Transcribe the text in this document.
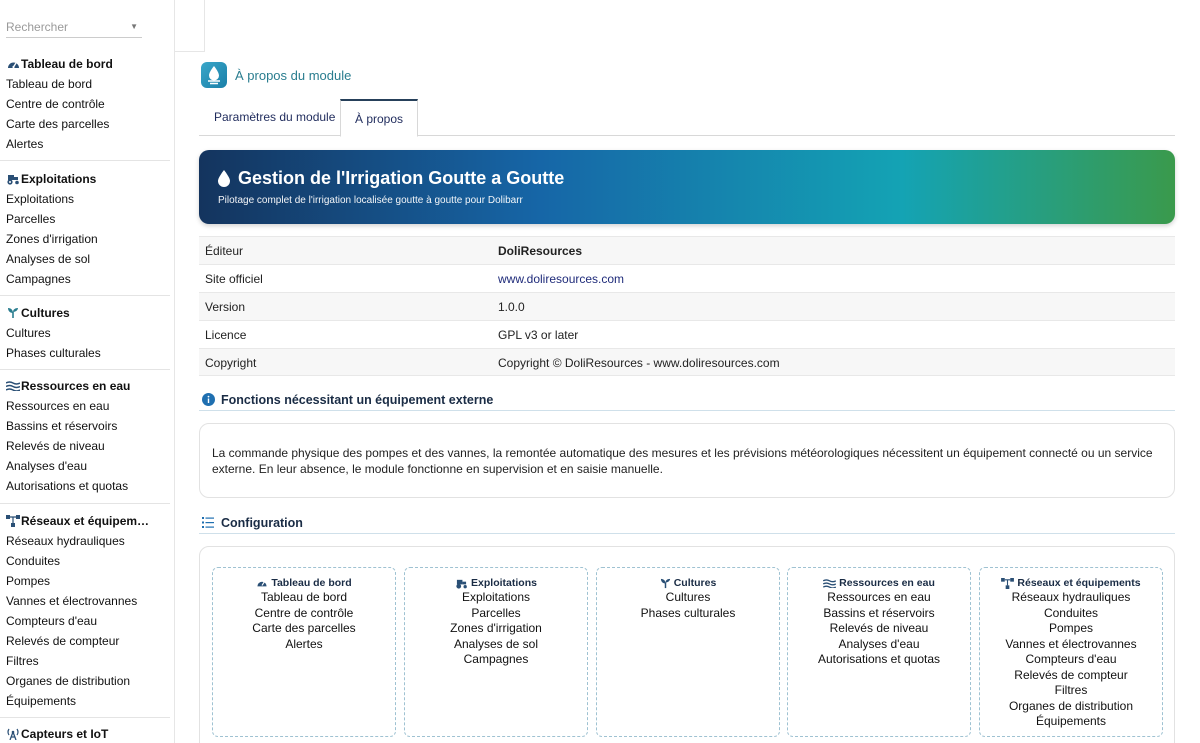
Rechercher	▼
Tableau de bord
Tableau de bord
Centre de contrôle
Carte des parcelles
Alertes
Exploitations
Exploitations
Parcelles
Zones d'irrigation
Analyses de sol
Campagnes
Cultures
Cultures
Phases culturales
Ressources en eau
Ressources en eau
Bassins et réservoirs
Relevés de niveau
Analyses d'eau
Autorisations et quotas
Réseaux et équipem…
Réseaux hydrauliques
Conduites
Pompes
Vannes et électrovannes
Compteurs d'eau
Relevés de compteur
Filtres
Organes de distribution
Équipements
Capteurs et IoT
À propos du module
Paramètres du module	À propos
Gestion de l'Irrigation Goutte a Goutte
Pilotage complet de l'irrigation localisée goutte à goutte pour Dolibarr
Éditeur	DoliResources
Site officiel	www.doliresources.com
Version	1.0.0
Licence	GPL v3 or later
Copyright	Copyright © DoliResources - www.doliresources.com
Fonctions nécessitant un équipement externe
La commande physique des pompes et des vannes, la remontée automatique des mesures et les prévisions météorologiques nécessitent un équipement connecté ou un service externe. En leur absence, le module fonctionne en supervision et en saisie manuelle.
Configuration
Tableau de bord
Tableau de bord
Centre de contrôle
Carte des parcelles
Alertes
Exploitations
Exploitations
Parcelles
Zones d'irrigation
Analyses de sol
Campagnes
Cultures
Cultures
Phases culturales
Ressources en eau
Ressources en eau
Bassins et réservoirs
Relevés de niveau
Analyses d'eau
Autorisations et quotas
Réseaux et équipements
Réseaux hydrauliques
Conduites
Pompes
Vannes et électrovannes
Compteurs d'eau
Relevés de compteur
Filtres
Organes de distribution
Équipements
